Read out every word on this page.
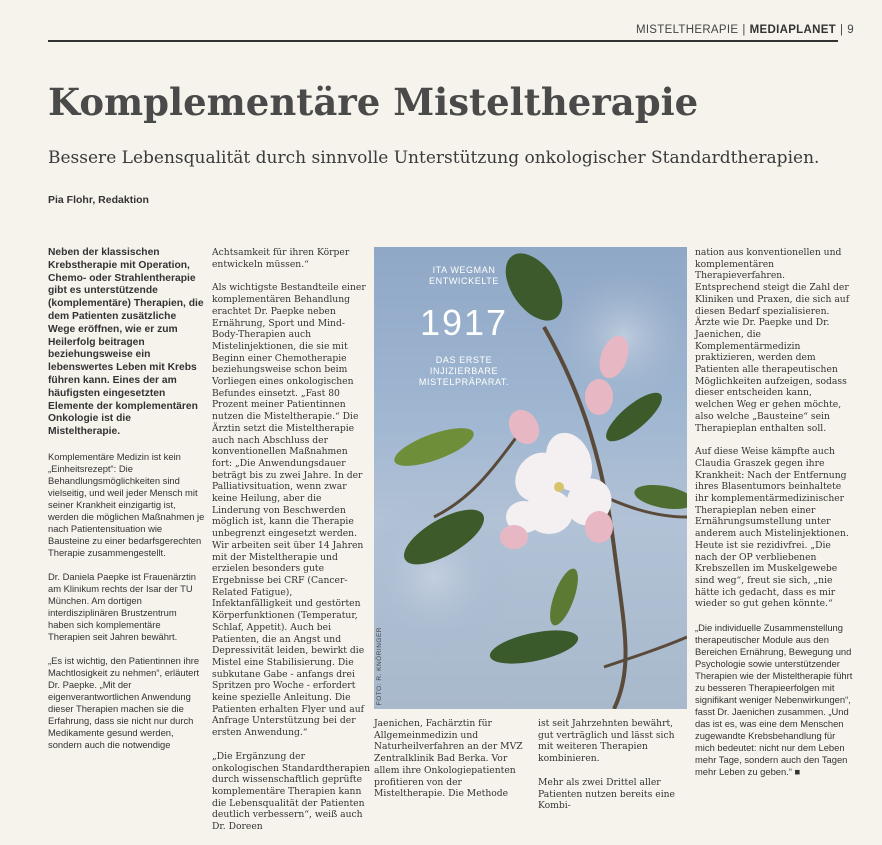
MISTELTHERAPIE | MEDIAPLANET | 9
Komplementäre Misteltherapie

Bessere Lebensqualität durch sinnvolle Unterstützung onkologischer Standardtherapien.

Pia Flohr, Redaktion

Neben der klassischen Krebstherapie mit Operation, Chemo- oder Strahlentherapie gibt es unterstützende (komplementäre) Therapien, die dem Patienten zusätzliche Wege eröffnen, wie er zum Heilerfolg beitragen beziehungsweise ein lebenswertes Leben mit Krebs führen kann. Eines der am häufigsten eingesetzten Elemente der komplementären Onkologie ist die Misteltherapie.

Komplementäre Medizin ist kein „Einheitsrezept“: Die Behandlungsmöglichkeiten sind vielseitig, und weil jeder Mensch mit seiner Krankheit einzigartig ist, werden die möglichen Maßnahmen je nach Patientensituation wie Bausteine zu einer bedarfsgerechten Therapie zusammengestellt.

Dr. Daniela Paepke ist Frauenärztin am Klinikum rechts der Isar der TU München. Am dortigen interdisziplinären Brustzentrum haben sich komplementäre Therapien seit Jahren bewährt.

„Es ist wichtig, den Patientinnen ihre Machtlosigkeit zu nehmen“, erläutert Dr. Paepke. „Mit der eigenverantwortlichen Anwendung dieser Therapien machen sie die Erfahrung, dass sie nicht nur durch Medikamente gesund werden, sondern auch die notwendige

Achtsamkeit für ihren Körper entwickeln müssen.“

Als wichtigste Bestandteile einer komplementären Behandlung erachtet Dr. Paepke neben Ernährung, Sport und Mind-Body-Therapien auch Mistelinjektionen, die sie mit Beginn einer Chemotherapie beziehungsweise schon beim Vorliegen eines onkologischen Befundes einsetzt. „Fast 80 Prozent meiner Patientinnen nutzen die Misteltherapie.“ Die Ärztin setzt die Misteltherapie auch nach Abschluss der konventionellen Maßnahmen fort: „Die Anwendungsdauer beträgt bis zu zwei Jahre. In der Palliativsituation, wenn zwar keine Heilung, aber die Linderung von Beschwerden möglich ist, kann die Therapie unbegrenzt eingesetzt werden. Wir arbeiten seit über 14 Jahren mit der Misteltherapie und erzielen besonders gute Ergebnisse bei CRF (Cancer-Related Fatigue), Infektanfälligkeit und gestörten Körperfunktionen (Temperatur, Schlaf, Appetit). Auch bei Patienten, die an Angst und Depressivität leiden, bewirkt die Mistel eine Stabilisierung. Die subkutane Gabe - anfangs drei Spritzen pro Woche - erfordert keine spezielle Anleitung. Die Patienten erhalten Flyer und auf Anfrage Unterstützung bei der ersten Anwendung.“

„Die Ergänzung der onkologischen Standardtherapien durch wissenschaftlich geprüfte komplementäre Therapien kann die Lebensqualität der Patienten deutlich verbessern“, weiß auch Dr. Doreen

ITA WEGMAN ENTWICKELTE
1917
DAS ERSTE INJIZIERBARE MISTELPRÄPARAT.
FOTO: R. KNÖRINGER

Jaenichen, Fachärztin für Allgemeinmedizin und Naturheilverfahren an der MVZ Zentralklinik Bad Berka. Vor allem ihre Onkologiepatienten profitieren von der Misteltherapie. Die Methode

ist seit Jahrzehnten bewährt, gut verträglich und lässt sich mit weiteren Therapien kombinieren.

Mehr als zwei Drittel aller Patienten nutzen bereits eine Kombi-

nation aus konventionellen und komplementären Therapieverfahren. Entsprechend steigt die Zahl der Kliniken und Praxen, die sich auf diesen Bedarf spezialisieren. Ärzte wie Dr. Paepke und Dr. Jaenichen, die Komplementärmedizin praktizieren, werden dem Patienten alle therapeutischen Möglichkeiten aufzeigen, sodass dieser entscheiden kann, welchen Weg er gehen möchte, also welche „Bausteine“ sein Therapieplan enthalten soll.

Auf diese Weise kämpfte auch Claudia Graszek gegen ihre Krankheit: Nach der Entfernung ihres Blasentumors beinhaltete ihr komplementärmedizinischer Therapieplan neben einer Ernährungsumstellung unter anderem auch Mistelinjektionen. Heute ist sie rezidivfrei. „Die nach der OP verbliebenen Krebszellen im Muskelgewebe sind weg“, freut sie sich, „nie hätte ich gedacht, dass es mir wieder so gut gehen könnte.“

„Die individuelle Zusammenstellung therapeutischer Module aus den Bereichen Ernährung, Bewegung und Psychologie sowie unterstützender Therapien wie der Misteltherapie führt zu besseren Therapieerfolgen mit signifikant weniger Nebenwirkungen“, fasst Dr. Jaenichen zusammen. „Und das ist es, was eine dem Menschen zugewandte Krebsbehandlung für mich bedeutet: nicht nur dem Leben mehr Tage, sondern auch den Tagen mehr Leben zu geben.“ ■
